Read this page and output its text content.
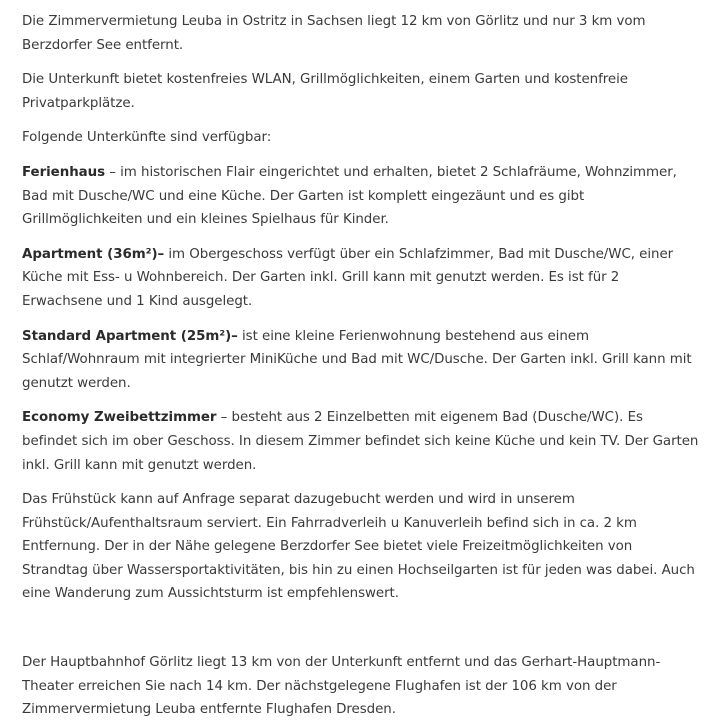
Die Zimmervermietung Leuba in Ostritz in Sachsen liegt 12 km von Görlitz und nur 3 km vom Berzdorfer See entfernt.

Die Unterkunft bietet kostenfreies WLAN, Grillmöglichkeiten, einem Garten und kostenfreie Privatparkplätze.

Folgende Unterkünfte sind verfügbar:

Ferienhaus – im historischen Flair eingerichtet und erhalten, bietet 2 Schlafräume, Wohnzimmer, Bad mit Dusche/WC und eine Küche. Der Garten ist komplett eingezäunt und es gibt Grillmöglichkeiten und ein kleines Spielhaus für Kinder.

Apartment (36m²)– im Obergeschoss verfügt über ein Schlafzimmer, Bad mit Dusche/WC, einer Küche mit Ess- u Wohnbereich. Der Garten inkl. Grill kann mit genutzt werden. Es ist für 2 Erwachsene und 1 Kind ausgelegt.

Standard Apartment (25m²)– ist eine kleine Ferienwohnung bestehend aus einem Schlaf/Wohnraum mit integrierter MiniKüche und Bad mit WC/Dusche. Der Garten inkl. Grill kann mit genutzt werden.

Economy Zweibettzimmer – besteht aus 2 Einzelbetten mit eigenem Bad (Dusche/WC). Es befindet sich im ober Geschoss. In diesem Zimmer befindet sich keine Küche und kein TV. Der Garten inkl. Grill kann mit genutzt werden.

Das Frühstück kann auf Anfrage separat dazugebucht werden und wird in unserem Frühstück/Aufenthaltsraum serviert. Ein Fahrradverleih u Kanuverleih befind sich in ca. 2 km Entfernung. Der in der Nähe gelegene Berzdorfer See bietet viele Freizeitmöglichkeiten von Strandtag über Wassersportaktivitäten, bis hin zu einen Hochseilgarten ist für jeden was dabei. Auch eine Wanderung zum Aussichtsturm ist empfehlenswert.

Der Hauptbahnhof Görlitz liegt 13 km von der Unterkunft entfernt und das Gerhart-Hauptmann-Theater erreichen Sie nach 14 km. Der nächstgelegene Flughafen ist der 106 km von der Zimmervermietung Leuba entfernte Flughafen Dresden.
